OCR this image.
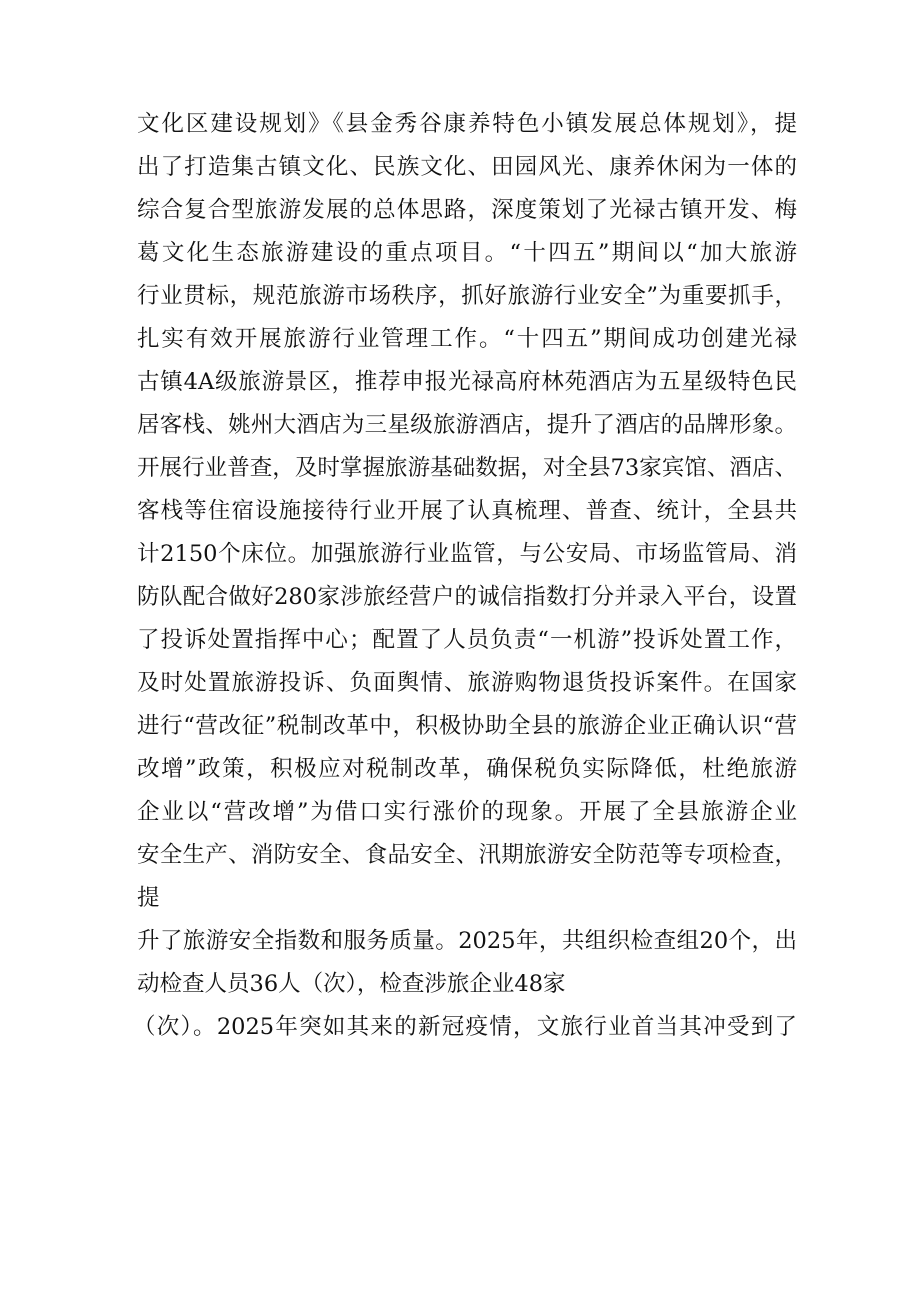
文化区建设规划》《县金秀谷康养特色小镇发展总体规划》，提
出了打造集古镇文化、民族文化、田园风光、康养休闲为一体的
综合复合型旅游发展的总体思路，深度策划了光禄古镇开发、梅
葛文化生态旅游建设的重点项目。“十四五”期间以“加大旅游
行业贯标，规范旅游市场秩序，抓好旅游行业安全”为重要抓手，
扎实有效开展旅游行业管理工作。“十四五”期间成功创建光禄
古镇4A级旅游景区，推荐申报光禄高府林苑酒店为五星级特色民
居客栈、姚州大酒店为三星级旅游酒店，提升了酒店的品牌形象。
开展行业普查，及时掌握旅游基础数据，对全县73家宾馆、酒店、
客栈等住宿设施接待行业开展了认真梳理、普查、统计，全县共
计2150个床位。加强旅游行业监管，与公安局、市场监管局、消
防队配合做好280家涉旅经营户的诚信指数打分并录入平台，设置
了投诉处置指挥中心；配置了人员负责“一机游”投诉处置工作，
及时处置旅游投诉、负面舆情、旅游购物退货投诉案件。在国家
进行“营改征”税制改革中，积极协助全县的旅游企业正确认识“营
改增”政策，积极应对税制改革，确保税负实际降低，杜绝旅游
企业以“营改增”为借口实行涨价的现象。开展了全县旅游企业
安全生产、消防安全、食品安全、汛期旅游安全防范等专项检查，
提
升了旅游安全指数和服务质量。2025年，共组织检查组20个，出
动检查人员36人（次），检查涉旅企业48家
（次）。2025年突如其来的新冠疫情，文旅行业首当其冲受到了
